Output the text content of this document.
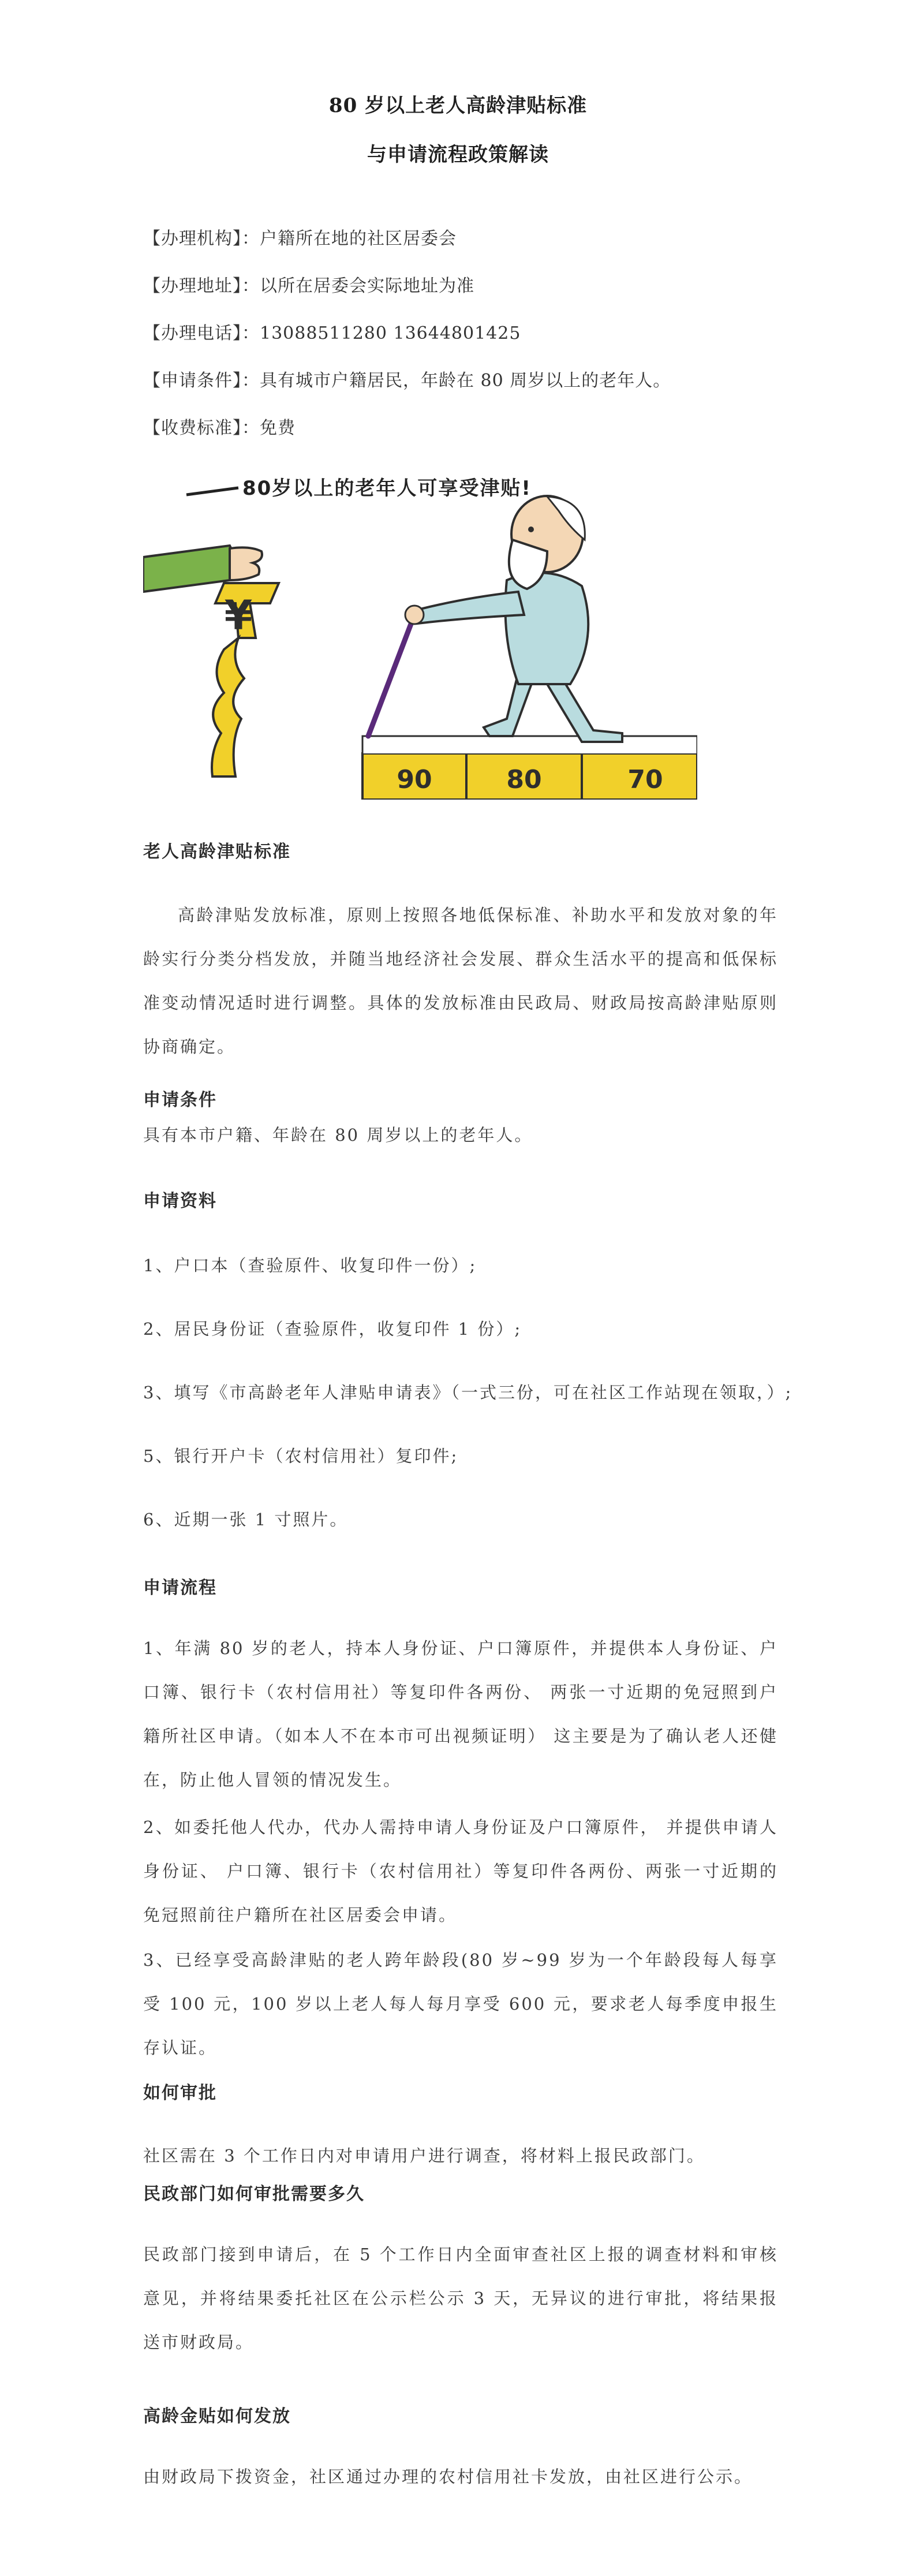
80 岁以上老人高龄津贴标准
与申请流程政策解读
【办理机构】：户籍所在地的社区居委会
【办理地址】：以所在居委会实际地址为准
【办理电话】：13088511280 13644801425
【申请条件】：具有城市户籍居民，年龄在 80 周岁以上的老年人。
【收费标准】：免费
80岁以上的老年人可享受津贴!
¥
90	80	70
老人高龄津贴标准

高龄津贴发放标准，原则上按照各地低保标准、补助水平和发放对象的年龄实行分类分档发放，并随当地经济社会发展、群众生活水平的提高和低保标准变动情况适时进行调整。具体的发放标准由民政局、财政局按高龄津贴原则协商确定。

申请条件
具有本市户籍、年龄在 80 周岁以上的老年人。
申请资料
1、户口本（查验原件、收复印件一份）;
2、居民身份证（查验原件，收复印件 1 份）;
3、填写《市高龄老年人津贴申请表》（一式三份，可在社区工作站现在领取，）;
5、银行开户卡（农村信用社）复印件;
6、近期一张 1 寸照片。
申请流程

1、年满 80 岁的老人，持本人身份证、户口簿原件，并提供本人身份证、户口簿、银行卡（农村信用社）等复印件各两份、 两张一寸近期的免冠照到户籍所社区申请。（如本人不在本市可出视频证明） 这主要是为了确认老人还健在，防止他人冒领的情况发生。

2、如委托他人代办，代办人需持申请人身份证及户口簿原件， 并提供申请人身份证、 户口簿、银行卡（农村信用社）等复印件各两份、两张一寸近期的免冠照前往户籍所在社区居委会申请。

3、已经享受高龄津贴的老人跨年龄段(80 岁~99 岁为一个年龄段每人每享受 100 元，100 岁以上老人每人每月享受 600 元，要求老人每季度申报生存认证。

如何审批
社区需在 3 个工作日内对申请用户进行调查，将材料上报民政部门。
民政部门如何审批需要多久

民政部门接到申请后，在 5 个工作日内全面审查社区上报的调查材料和审核意见，并将结果委托社区在公示栏公示 3 天，无异议的进行审批，将结果报送市财政局。

高龄金贴如何发放
由财政局下拨资金，社区通过办理的农村信用社卡发放，由社区进行公示。
